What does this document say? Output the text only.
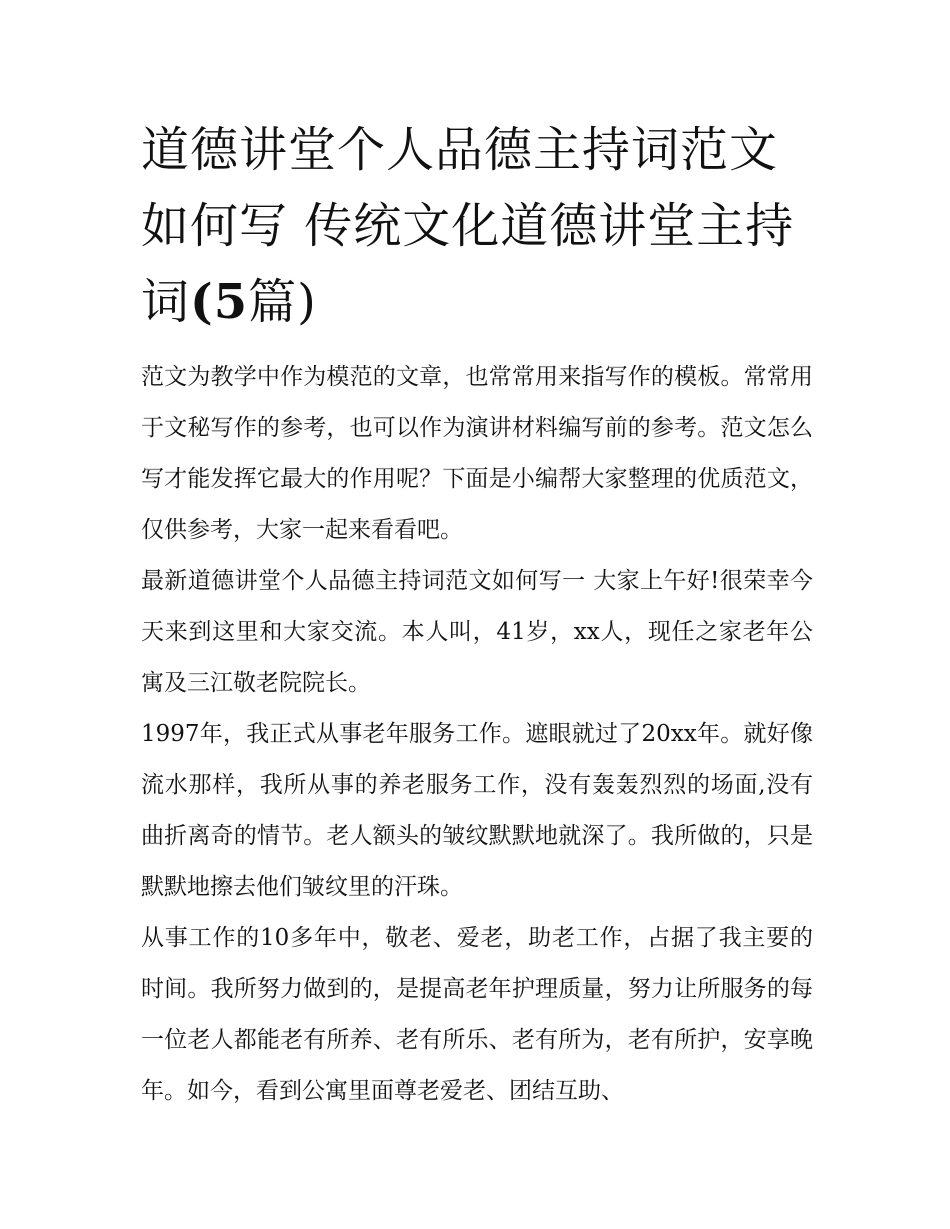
道德讲堂个人品德主持词范文如何写 传统文化道德讲堂主持词(5篇)

范文为教学中作为模范的文章，也常常用来指写作的模板。常常用于文秘写作的参考，也可以作为演讲材料编写前的参考。范文怎么写才能发挥它最大的作用呢？下面是小编帮大家整理的优质范文，仅供参考，大家一起来看看吧。

最新道德讲堂个人品德主持词范文如何写一 大家上午好!很荣幸今天来到这里和大家交流。本人叫，41岁，xx人，现任之家老年公寓及三江敬老院院长。

1997年，我正式从事老年服务工作。遮眼就过了20xx年。就好像流水那样，我所从事的养老服务工作，没有轰轰烈烈的场面,没有曲折离奇的情节。老人额头的皱纹默默地就深了。我所做的，只是默默地擦去他们皱纹里的汗珠。

从事工作的10多年中，敬老、爱老，助老工作，占据了我主要的时间。我所努力做到的，是提高老年护理质量，努力让所服务的每一位老人都能老有所养、老有所乐、老有所为，老有所护，安享晚年。如今，看到公寓里面尊老爱老、团结互助、
